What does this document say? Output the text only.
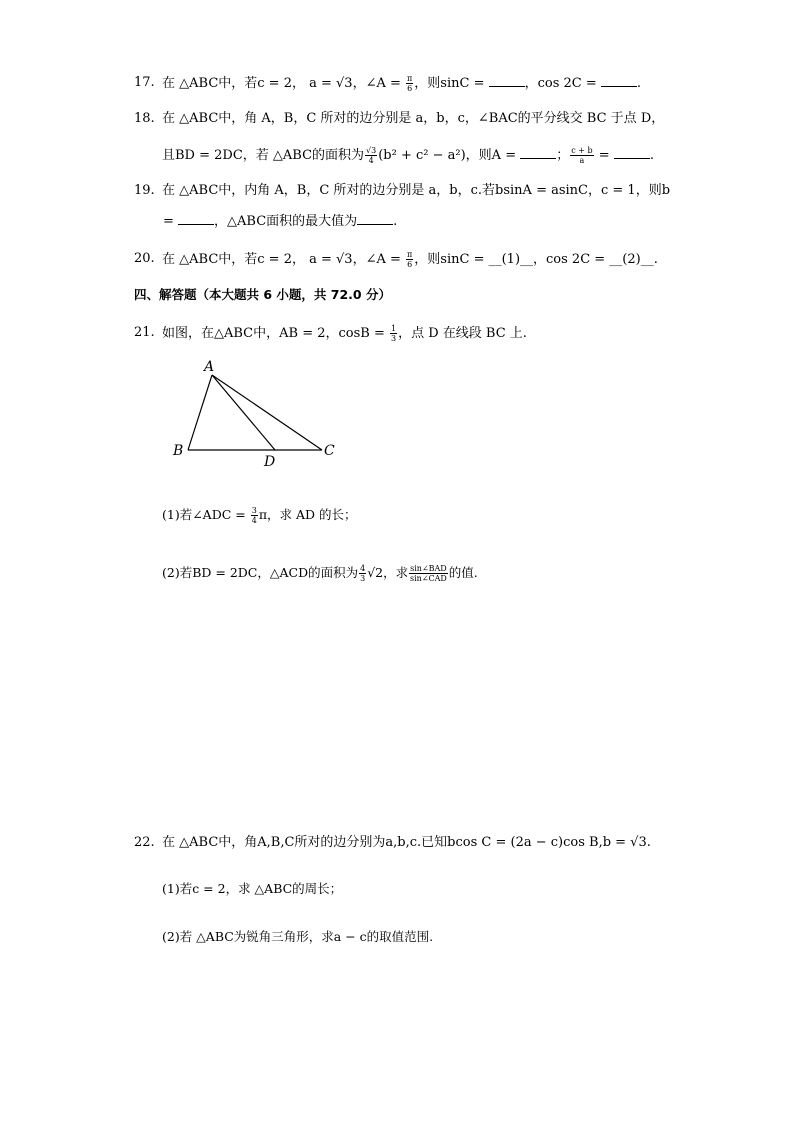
17. 在 △ABC中，若c = 2， a = √3，∠A = $\frac{\pi}{6}$ ，则sinC =	，cos 2C =	.
18. 在 △ABC中，角 A，B，C 所对的边分别是 a，b，c，∠BAC的平分线交 BC 于点 D，
且BD = 2DC，若 △ABC的面积为 $\frac{√3}{4} (b^2 + c^2 - a^2)$，则A =	； $\frac{c + b}{a}$ =	.
19. 在 △ABC中，内角 A，B，C 所对的边分别是 a，b，c.若bsinA = asinC，c = 1，则b
=	，△ABC面积的最大值为	.
20. 在 △ABC中，若c = 2， a = √3，∠A = $\frac{\pi}{6}$ ，则sinC = __(1)__，cos 2C = __(2)__.
四、解答题（本大题共 6 小题，共 72.0 分）
21. 如图，在△ABC中，AB = 2，$\cos B = \frac{1}{3}$ ，点 D 在线段 BC 上.
A
B	C
D
(1)若∠ADC = $\frac{3}{4}$ π，求 AD 的长；
(2)若BD = 2DC，△ACD的面积为 $\frac{4}{3} √2$，求 $\frac{\text{sin∠BAD}}{\text{sin∠CAD}}$ 的值.
22. 在 △ABC中，角A,B,C所对的边分别为a,b,c.已知bcos C = (2a − c)cos B,b = √3.
(1)若c = 2，求 △ABC的周长；
(2)若 △ABC为锐角三角形，求a − c的取值范围.
